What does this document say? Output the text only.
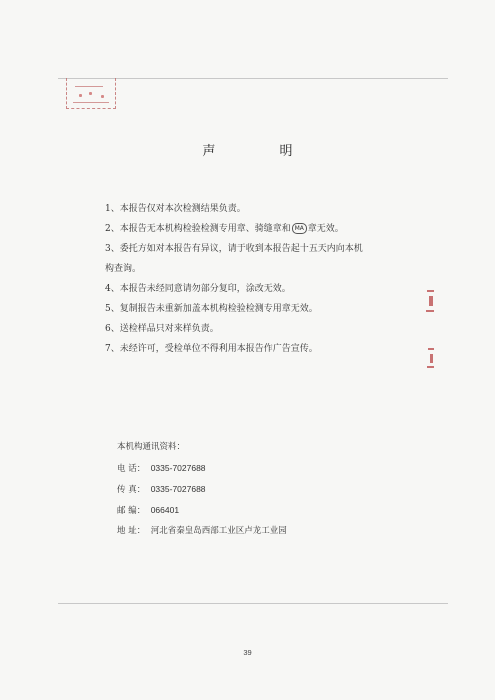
声 明

1、本报告仅对本次检测结果负责。

2、本报告无本机构检验检测专用章、骑缝章和 MA 章无效。

3、委托方如对本报告有异议，请于收到本报告起十五天内向本机

构查询。

4、本报告未经同意请勿部分复印，涂改无效。

5、复制报告未重新加盖本机构检验检测专用章无效。

6、送检样品只对来样负责。

7、未经许可，受检单位不得利用本报告作广告宣传。

本机构通讯资料：
电 话： 0335-7027688
传 真： 0335-7027688
邮 编： 066401
地 址： 河北省秦皇岛西部工业区卢龙工业园
39
